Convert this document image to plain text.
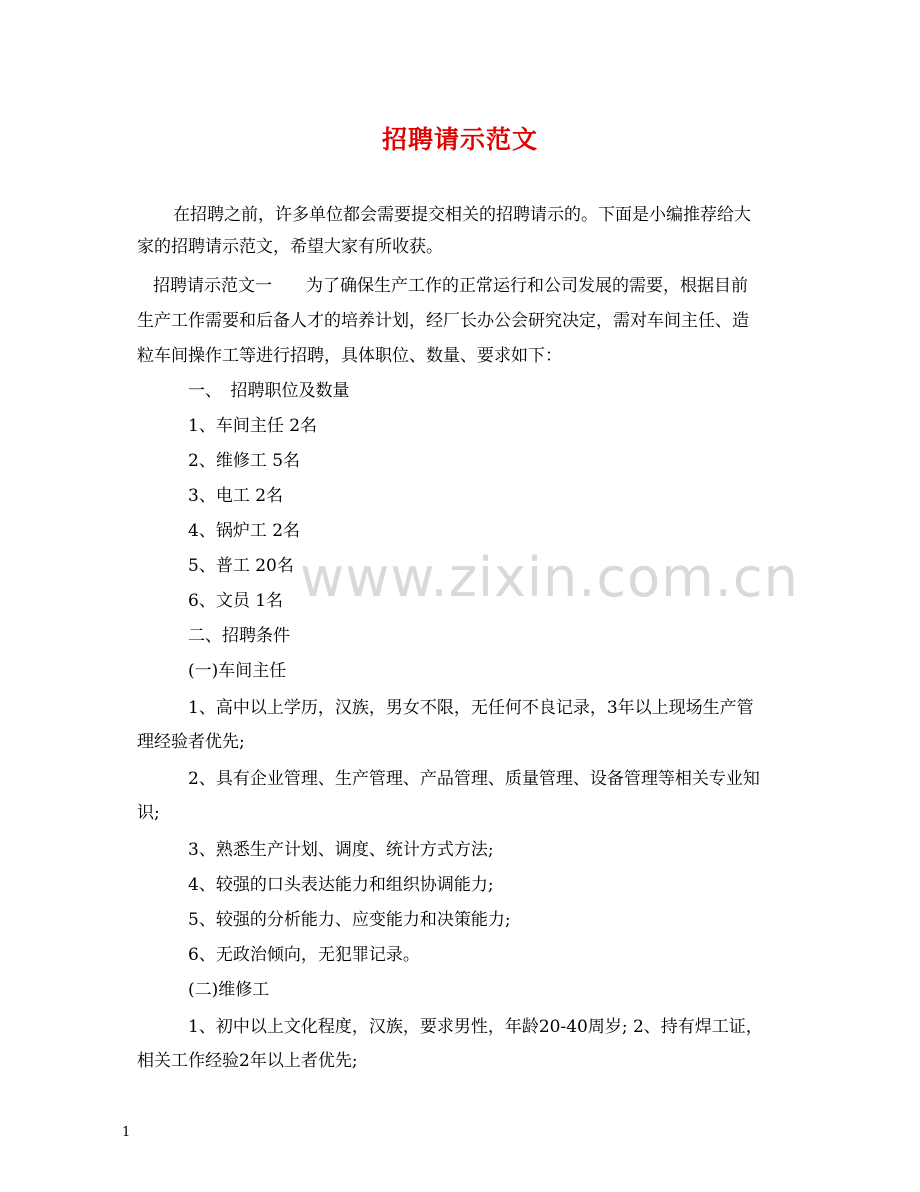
招聘请示范文
www.zixin.com.cn
在招聘之前，许多单位都会需要提交相关的招聘请示的。下面是小编推荐给大
家的招聘请示范文，希望大家有所收获。
招聘请示范文一　　为了确保生产工作的正常运行和公司发展的需要，根据目前
生产工作需要和后备人才的培养计划，经厂长办公会研究决定，需对车间主任、造
粒车间操作工等进行招聘，具体职位、数量、要求如下：
一、　招聘职位及数量
1、车间主任 2名
2、维修工 5名
3、电工 2名
4、锅炉工 2名
5、普工 20名
6、文员 1名
二、招聘条件
(一)车间主任
1、高中以上学历，汉族，男女不限，无任何不良记录，3年以上现场生产管
理经验者优先;
2、具有企业管理、生产管理、产品管理、质量管理、设备管理等相关专业知
识;
3、熟悉生产计划、调度、统计方式方法;
4、较强的口头表达能力和组织协调能力;
5、较强的分析能力、应变能力和决策能力;
6、无政治倾向，无犯罪记录。
(二)维修工
1、初中以上文化程度，汉族，要求男性，年龄20-40周岁; 2、持有焊工证，
相关工作经验2年以上者优先;
1
